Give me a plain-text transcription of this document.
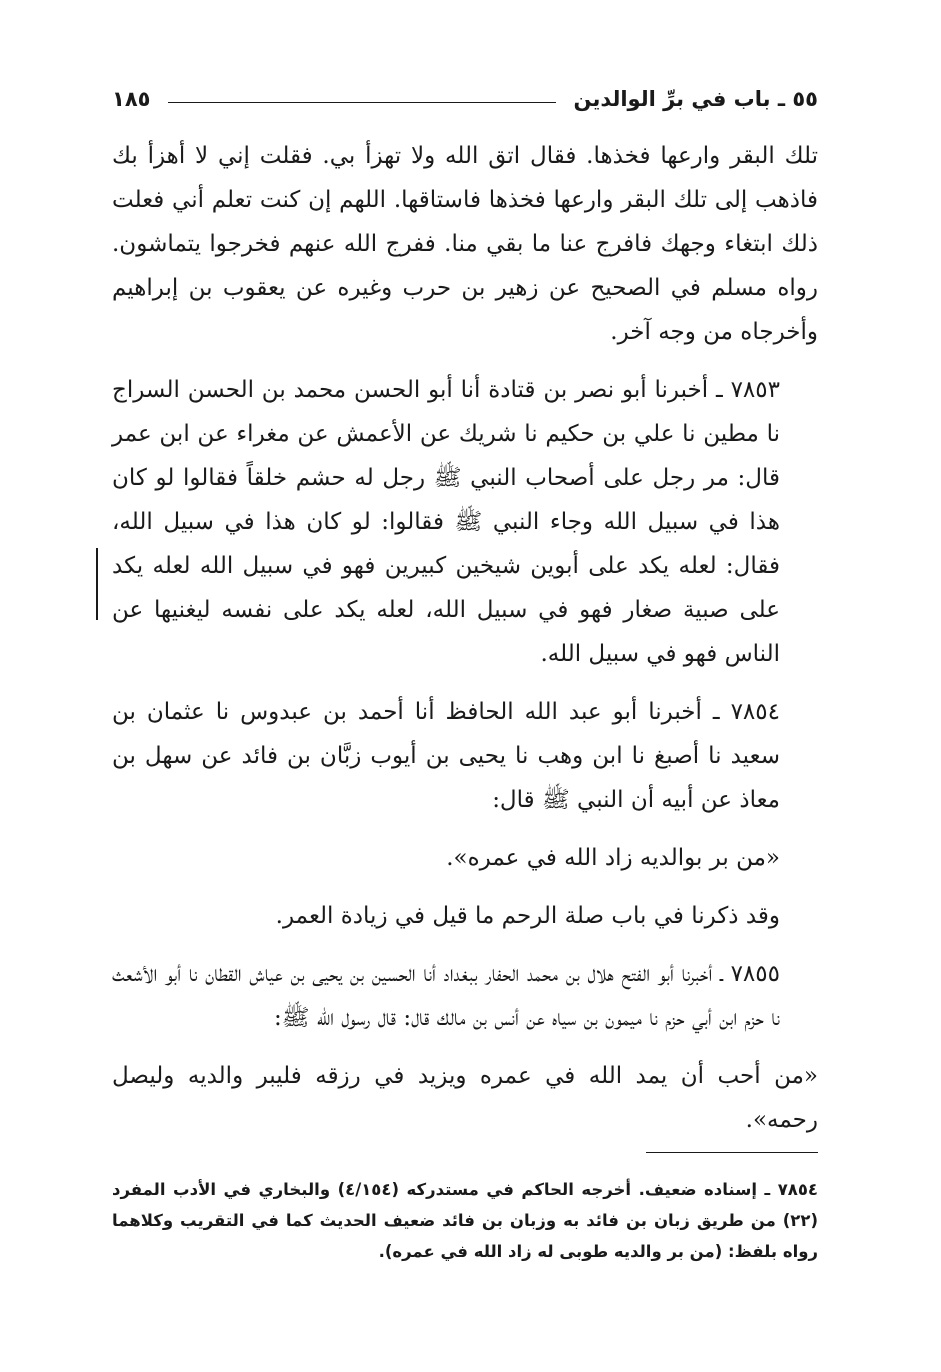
٥٥ ـ باب في برِّ الوالدين
١٨٥

تلك البقر وارعها فخذها. فقال اتق الله ولا تهزأ بي. فقلت إني لا أهزأ بك فاذهب إلى تلك البقر وارعها فخذها فاستاقها. اللهم إن كنت تعلم أني فعلت ذلك ابتغاء وجهك فافرج عنا ما بقي منا. ففرج الله عنهم فخرجوا يتماشون. رواه مسلم في الصحيح عن زهير بن حرب وغيره عن يعقوب بن إبراهيم وأخرجاه من وجه آخر.

٧٨٥٣ ـ أخبرنا أبو نصر بن قتادة أنا أبو الحسن محمد بن الحسن السراج نا مطين نا علي بن حكيم نا شريك عن الأعمش عن مغراء عن ابن عمر قال: مر رجل على أصحاب النبي ﷺ رجل له حشم خلقاً فقالوا لو كان هذا في سبيل الله وجاء النبي ﷺ فقالوا: لو كان هذا في سبيل الله، فقال: لعله يكد على أبوين شيخين كبيرين فهو في سبيل الله لعله يكد على صبية صغار فهو في سبيل الله، لعله يكد على نفسه ليغنيها عن الناس فهو في سبيل الله.

٧٨٥٤ ـ أخبرنا أبو عبد الله الحافظ أنا أحمد بن عبدوس نا عثمان بن سعيد نا أصبغ نا ابن وهب نا يحيى بن أيوب زبَّان بن فائد عن سهل بن معاذ عن أبيه أن النبي ﷺ قال:

«من بر بوالديه زاد الله في عمره».

وقد ذكرنا في باب صلة الرحم ما قيل في زيادة العمر.

٧٨٥٥ ـ أخبرنا أبو الفتح هلال بن محمد الحفار ببغداد أنا الحسين بن يحيى بن عياش القطان نا أبو الأشعث نا حزم ابن أبي حزم نا ميمون بن سياه عن أنس بن مالك قال: قال رسول الله ﷺ:

«من أحب أن يمد الله في عمره ويزيد في رزقه فليبر والديه وليصل رحمه».

٧٨٥٤ ـ إسناده ضعيف. أخرجه الحاكم في مستدركه (٤/١٥٤) والبخاري في الأدب المفرد (٢٢) من طريق زبان بن فائد به وزبان بن فائد ضعيف الحديث كما في التقريب وكلاهما رواه بلفظ: (من بر والديه طوبى له زاد الله في عمره).
